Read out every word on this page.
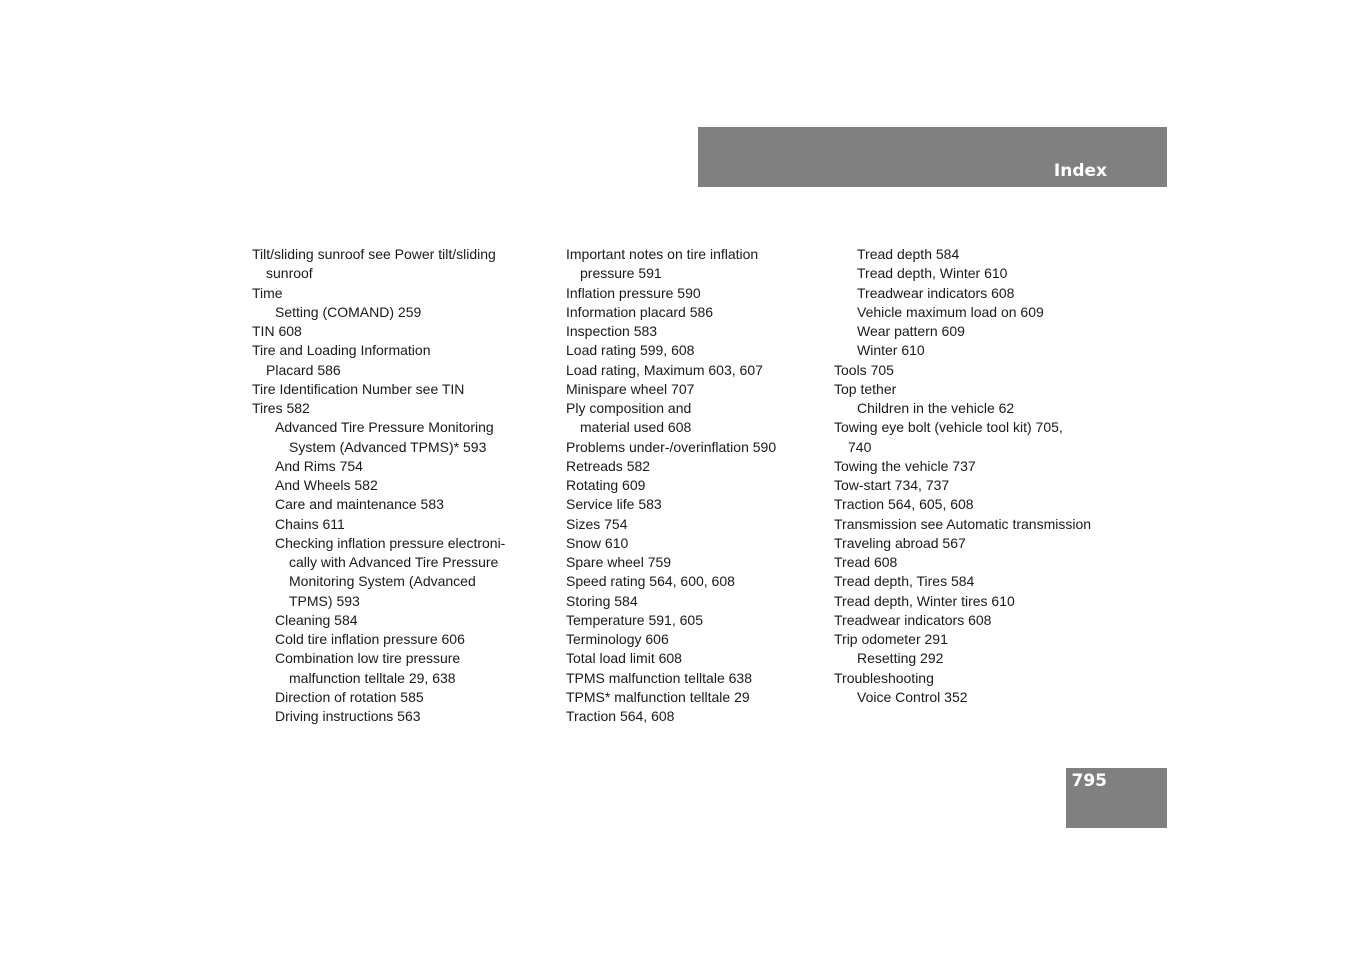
Index
Tilt/sliding sunroof see Power tilt/sliding
sunroof
Time
Setting (COMAND) 259
TIN 608
Tire and Loading Information
Placard 586
Tire Identification Number see TIN
Tires 582
Advanced Tire Pressure Monitoring
System (Advanced TPMS)* 593
And Rims 754
And Wheels 582
Care and maintenance 583
Chains 611
Checking inflation pressure electroni-
cally with Advanced Tire Pressure
Monitoring System (Advanced
TPMS) 593
Cleaning 584
Cold tire inflation pressure 606
Combination low tire pressure
malfunction telltale 29, 638
Direction of rotation 585
Driving instructions 563
Important notes on tire inflation
pressure 591
Inflation pressure 590
Information placard 586
Inspection 583
Load rating 599, 608
Load rating, Maximum 603, 607
Minispare wheel 707
Ply composition and
material used 608
Problems under-/overinflation 590
Retreads 582
Rotating 609
Service life 583
Sizes 754
Snow 610
Spare wheel 759
Speed rating 564, 600, 608
Storing 584
Temperature 591, 605
Terminology 606
Total load limit 608
TPMS malfunction telltale 638
TPMS* malfunction telltale 29
Traction 564, 608
Tread depth 584
Tread depth, Winter 610
Treadwear indicators 608
Vehicle maximum load on 609
Wear pattern 609
Winter 610
Tools 705
Top tether
Children in the vehicle 62
Towing eye bolt (vehicle tool kit) 705,
740
Towing the vehicle 737
Tow-start 734, 737
Traction 564, 605, 608
Transmission see Automatic transmission
Traveling abroad 567
Tread 608
Tread depth, Tires 584
Tread depth, Winter tires 610
Treadwear indicators 608
Trip odometer 291
Resetting 292
Troubleshooting
Voice Control 352
795
